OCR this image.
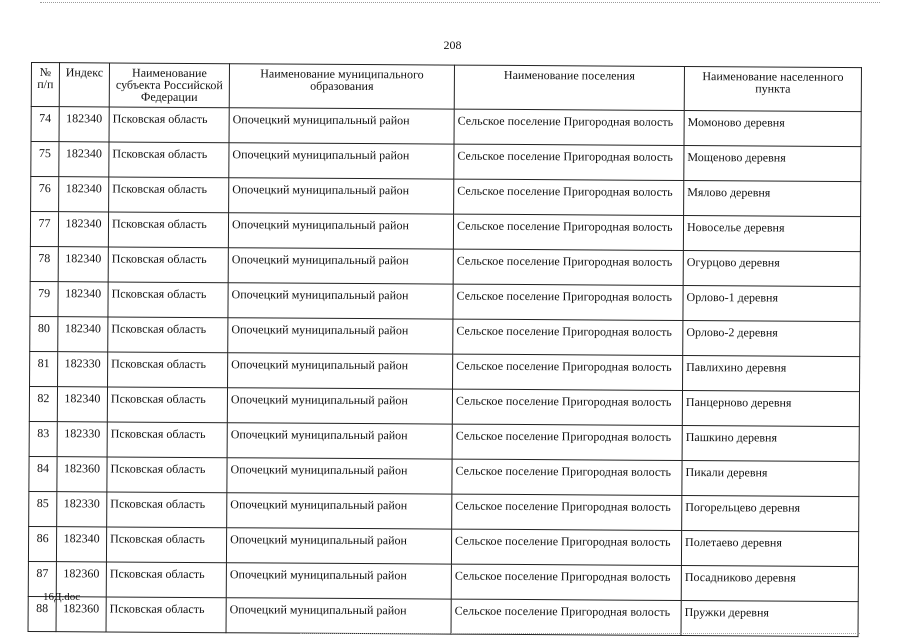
208
№ п/п	Индекс	Наименование субъекта Российской Федерации	Наименование муниципального образования	Наименование поселения	Наименование населенного пункта
74	182340	Псковская область	Опочецкий муниципальный район	Сельское поселение Пригородная волость	Момоново деревня
75	182340	Псковская область	Опочецкий муниципальный район	Сельское поселение Пригородная волость	Мощеново деревня
76	182340	Псковская область	Опочецкий муниципальный район	Сельское поселение Пригородная волость	Мялово деревня
77	182340	Псковская область	Опочецкий муниципальный район	Сельское поселение Пригородная волость	Новоселье деревня
78	182340	Псковская область	Опочецкий муниципальный район	Сельское поселение Пригородная волость	Огурцово деревня
79	182340	Псковская область	Опочецкий муниципальный район	Сельское поселение Пригородная волость	Орлово-1 деревня
80	182340	Псковская область	Опочецкий муниципальный район	Сельское поселение Пригородная волость	Орлово-2 деревня
81	182330	Псковская область	Опочецкий муниципальный район	Сельское поселение Пригородная волость	Павлихино деревня
82	182340	Псковская область	Опочецкий муниципальный район	Сельское поселение Пригородная волость	Панцерново деревня
83	182330	Псковская область	Опочецкий муниципальный район	Сельское поселение Пригородная волость	Пашкино деревня
84	182360	Псковская область	Опочецкий муниципальный район	Сельское поселение Пригородная волость	Пикали деревня
85	182330	Псковская область	Опочецкий муниципальный район	Сельское поселение Пригородная волость	Погорельцево деревня
86	182340	Псковская область	Опочецкий муниципальный район	Сельское поселение Пригородная волость	Полетаево деревня
87	182360	Псковская область	Опочецкий муниципальный район	Сельское поселение Пригородная волость	Посадниково деревня
88	182360	Псковская область	Опочецкий муниципальный район	Сельское поселение Пригородная волость	Пружки деревня
16Д.doc
